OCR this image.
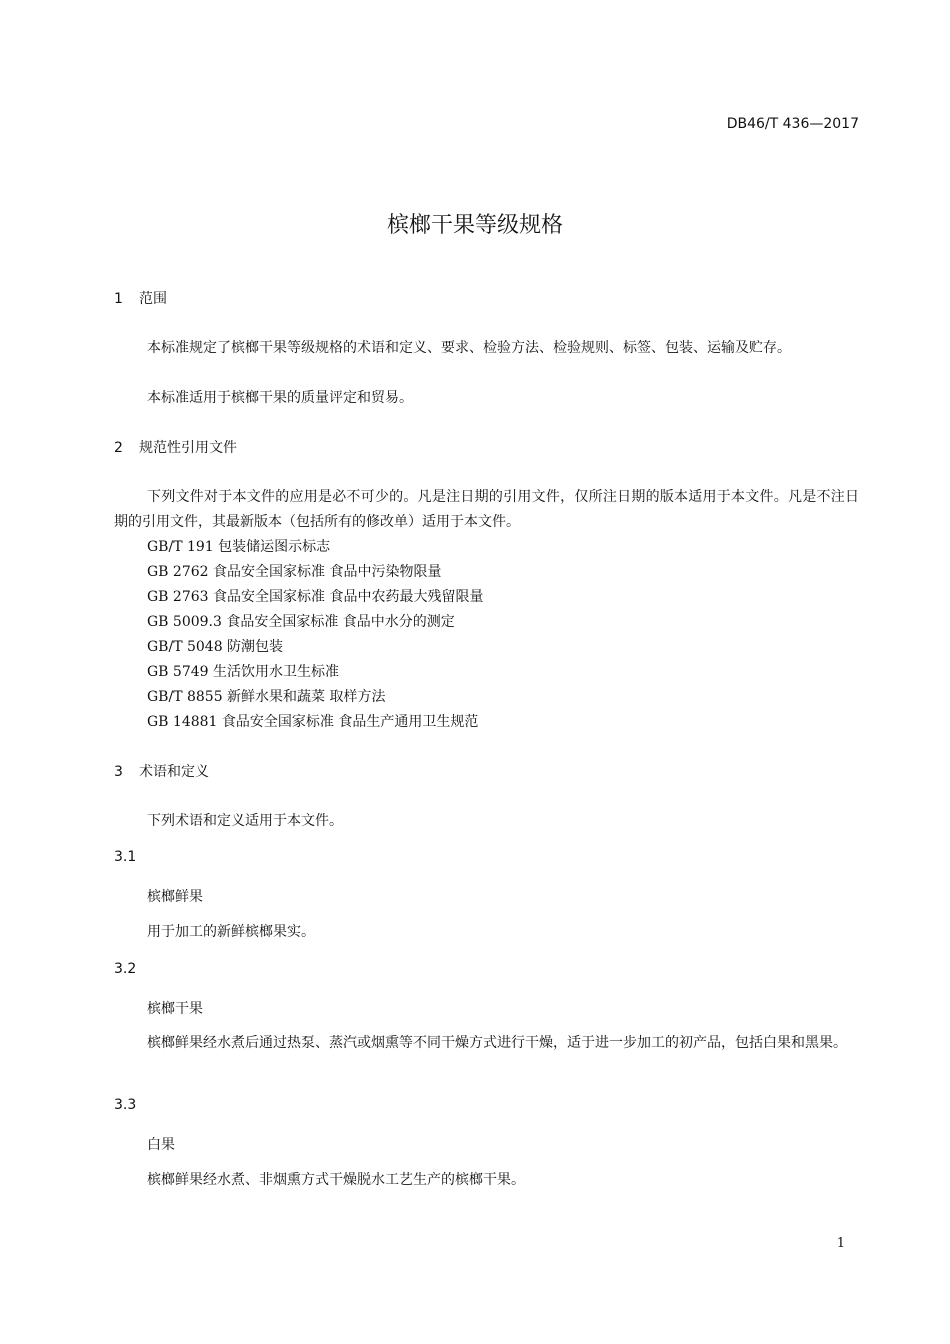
DB46/T 436—2017
槟榔干果等级规格
1 范围
本标准规定了槟榔干果等级规格的术语和定义、要求、检验方法、检验规则、标签、包装、运输及贮存。
本标准适用于槟榔干果的质量评定和贸易。
2 规范性引用文件
下列文件对于本文件的应用是必不可少的。凡是注日期的引用文件，仅所注日期的版本适用于本文件。凡是不注日期的引用文件，其最新版本（包括所有的修改单）适用于本文件。
GB/T 191 包装储运图示标志
GB 2762 食品安全国家标准 食品中污染物限量
GB 2763 食品安全国家标准 食品中农药最大残留限量
GB 5009.3 食品安全国家标准 食品中水分的测定
GB/T 5048 防潮包装
GB 5749 生活饮用水卫生标准
GB/T 8855 新鲜水果和蔬菜 取样方法
GB 14881 食品安全国家标准 食品生产通用卫生规范
3 术语和定义
下列术语和定义适用于本文件。
3.1
槟榔鲜果
用于加工的新鲜槟榔果实。
3.2
槟榔干果
槟榔鲜果经水煮后通过热泵、蒸汽或烟熏等不同干燥方式进行干燥，适于进一步加工的初产品，包括白果和黑果。
3.3
白果
槟榔鲜果经水煮、非烟熏方式干燥脱水工艺生产的槟榔干果。
1
